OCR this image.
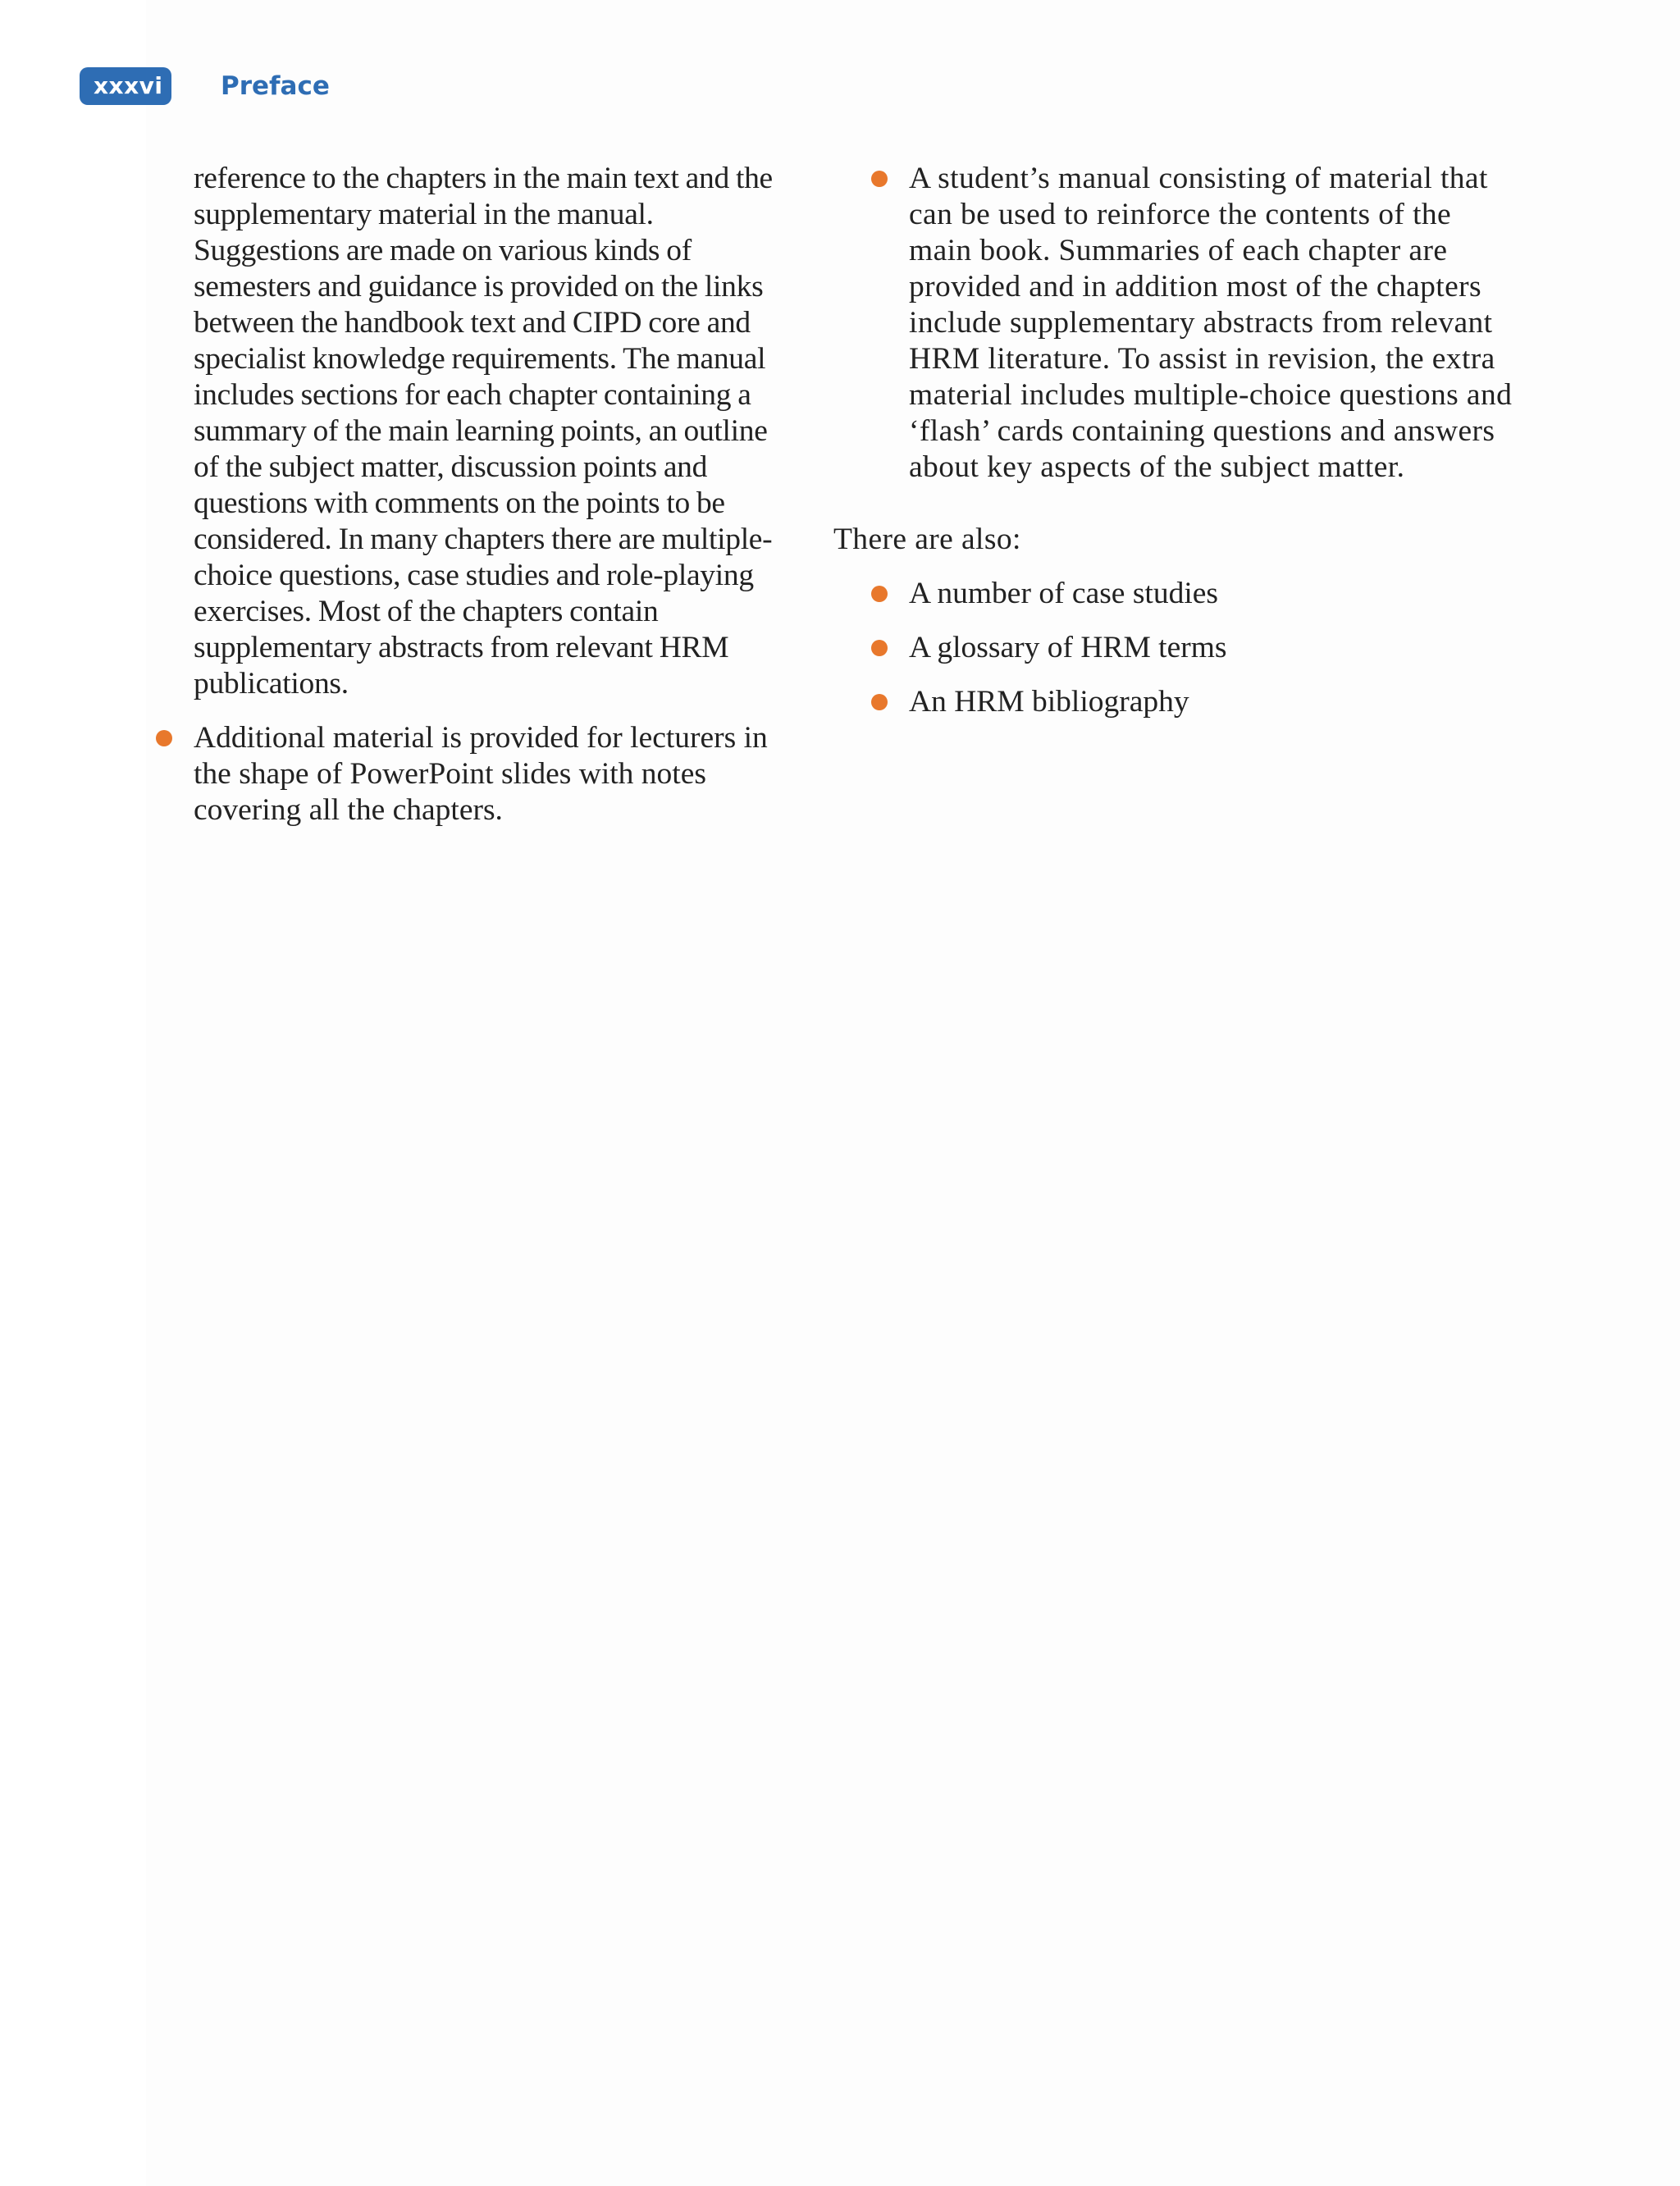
xxxvi	Preface

reference to the chapters in the main text and the supplementary material in the manual. Suggestions are made on various kinds of semesters and guidance is provided on the links between the handbook text and CIPD core and specialist knowledge requirements. The manual includes sections for each chapter containing a summary of the main learning points, an outline of the subject matter, discussion points and questions with comments on the points to be considered. In many chapters there are multiple-choice questions, case studies and role-playing exercises. Most of the chapters contain supplementary abstracts from relevant HRM publications.

Additional material is provided for lecturers in the shape of PowerPoint slides with notes covering all the chapters.
A student’s manual consisting of material that can be used to reinforce the contents of the main book. Summaries of each chapter are provided and in addition most of the chapters include supplementary abstracts from relevant HRM literature. To assist in revision, the extra material includes multiple-choice questions and ‘flash’ cards containing questions and answers about key aspects of the subject matter.

There are also:

A number of case studies
A glossary of HRM terms
An HRM bibliography
